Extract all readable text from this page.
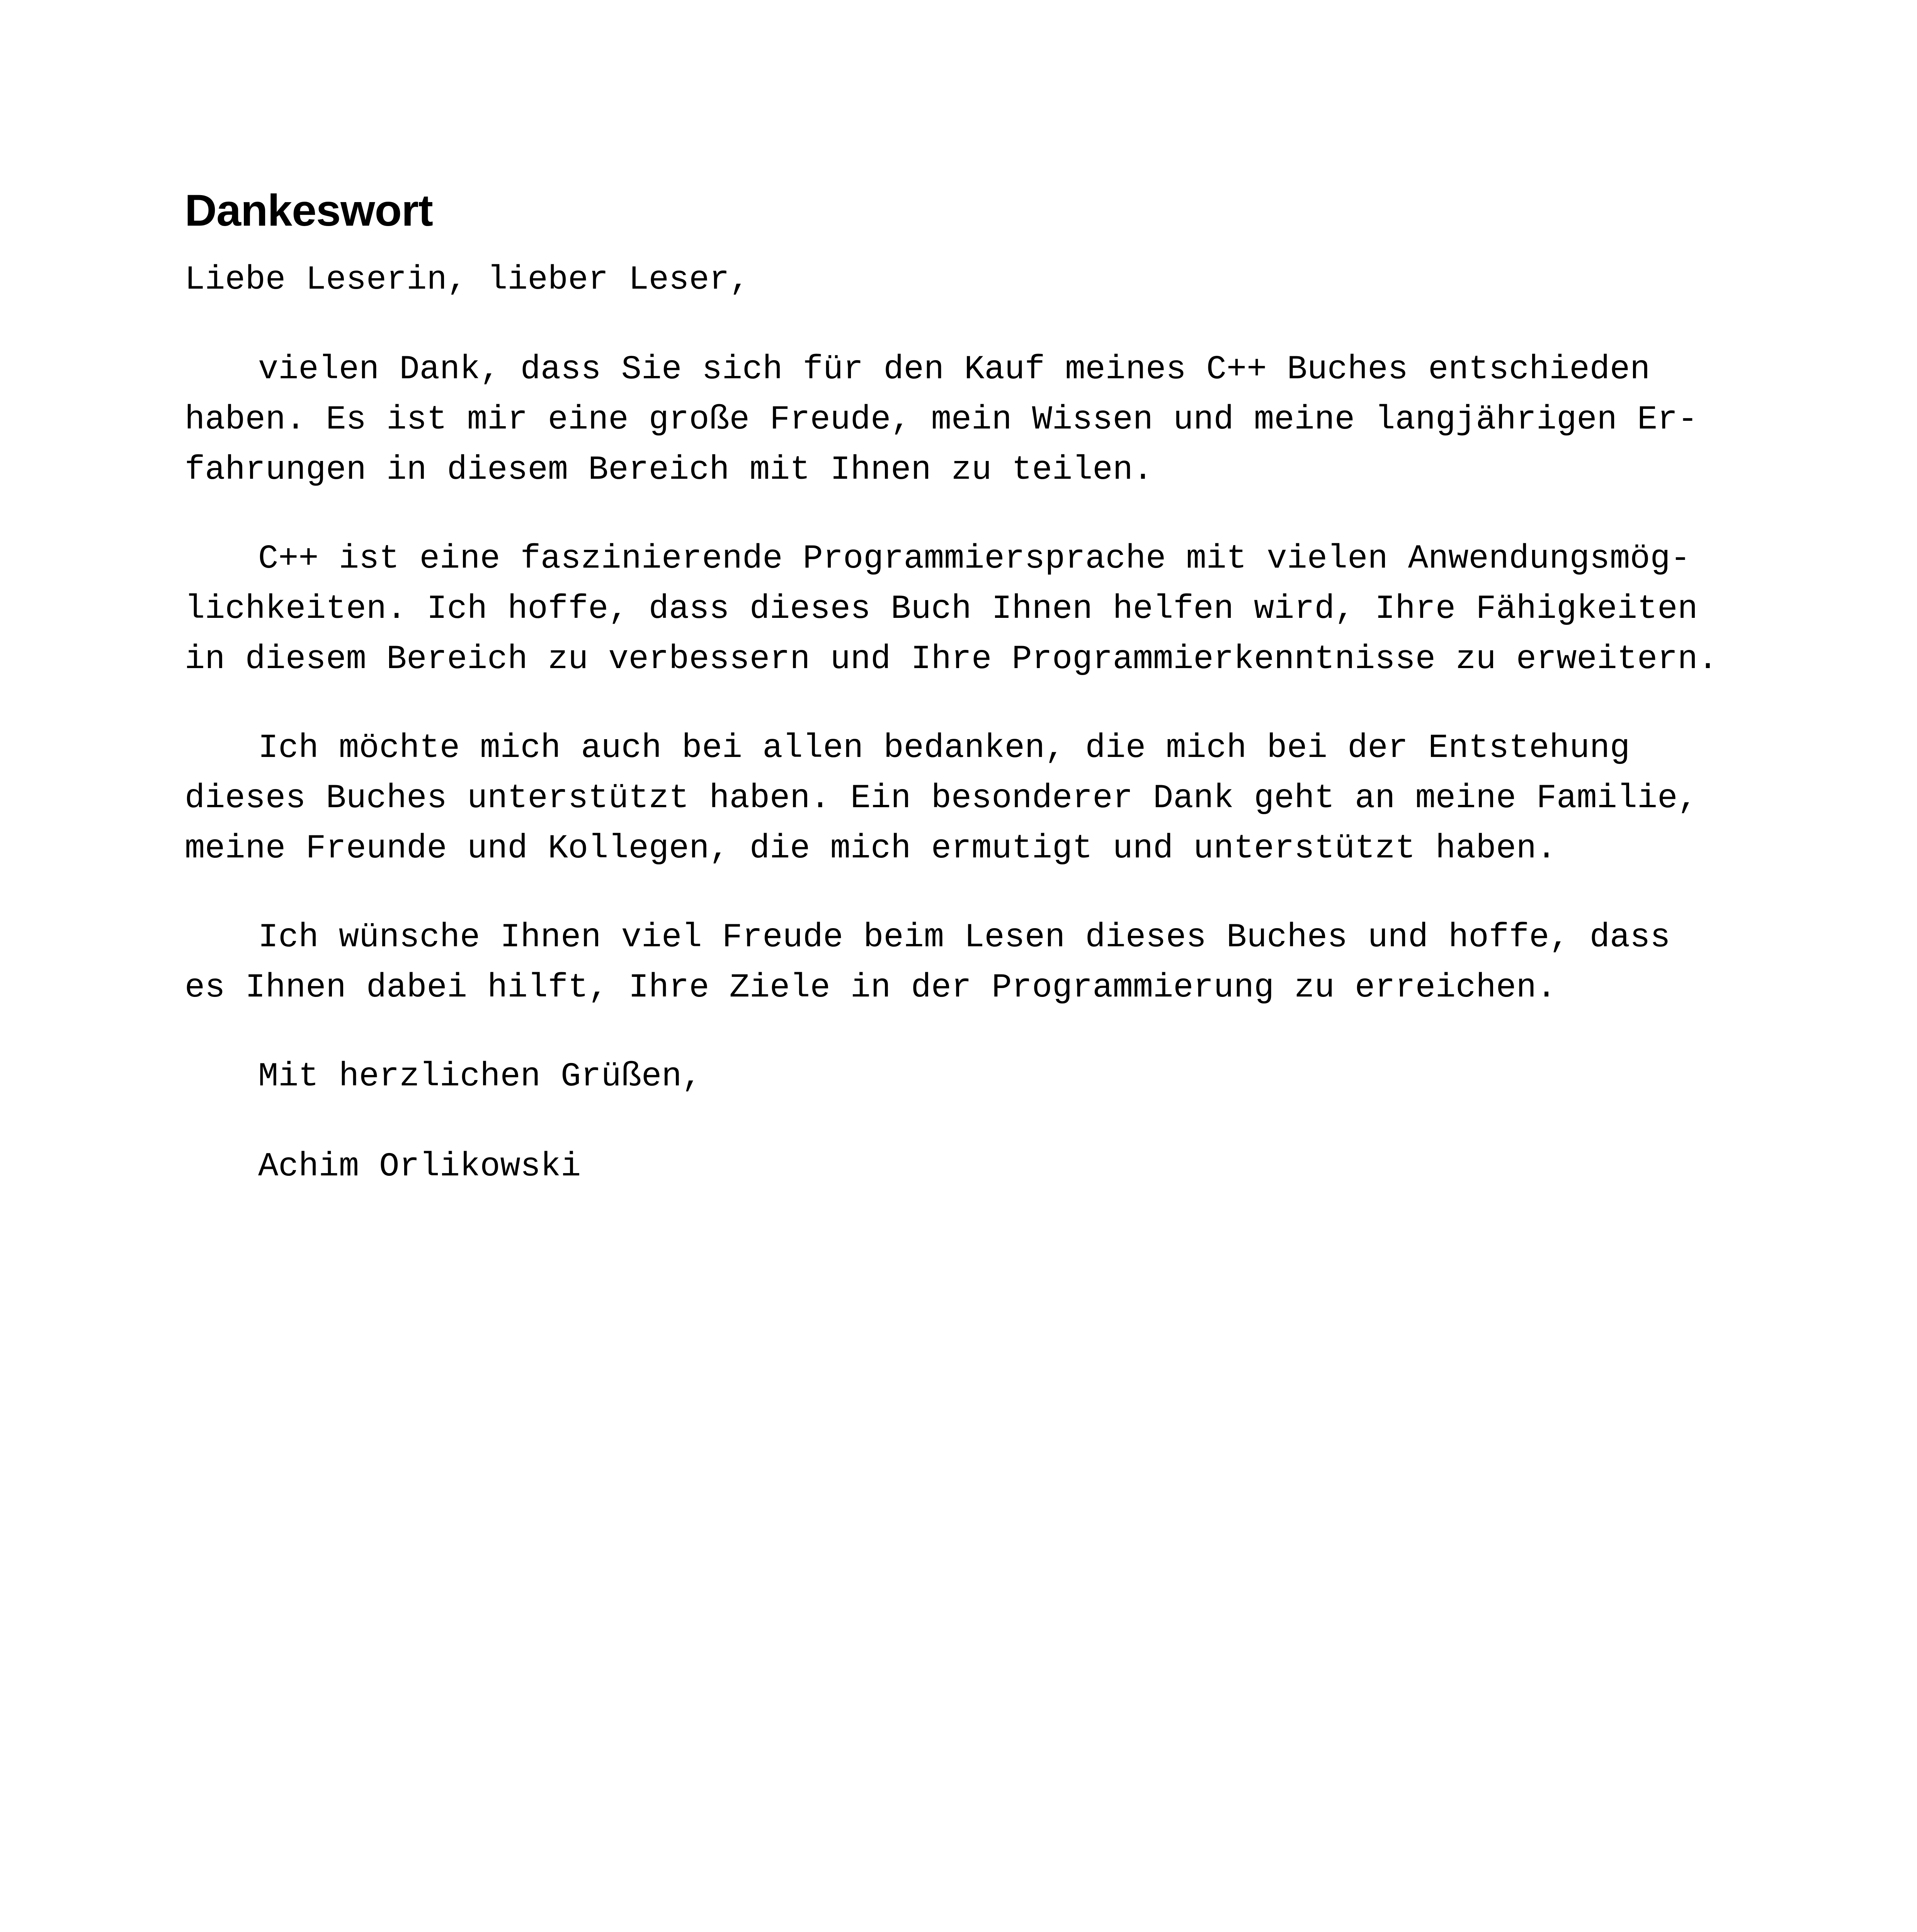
Dankeswort

Liebe Leserin, lieber Leser,

vielen Dank, dass Sie sich für den Kauf meines C++ Buches entschieden
haben. Es ist mir eine große Freude, mein Wissen und meine langjährigen Er-
fahrungen in diesem Bereich mit Ihnen zu teilen.

C++ ist eine faszinierende Programmiersprache mit vielen Anwendungsmög-
lichkeiten. Ich hoffe, dass dieses Buch Ihnen helfen wird, Ihre Fähigkeiten
in diesem Bereich zu verbessern und Ihre Programmierkenntnisse zu erweitern.

Ich möchte mich auch bei allen bedanken, die mich bei der Entstehung
dieses Buches unterstützt haben. Ein besonderer Dank geht an meine Familie,
meine Freunde und Kollegen, die mich ermutigt und unterstützt haben.

Ich wünsche Ihnen viel Freude beim Lesen dieses Buches und hoffe, dass
es Ihnen dabei hilft, Ihre Ziele in der Programmierung zu erreichen.

Mit herzlichen Grüßen,

Achim Orlikowski
